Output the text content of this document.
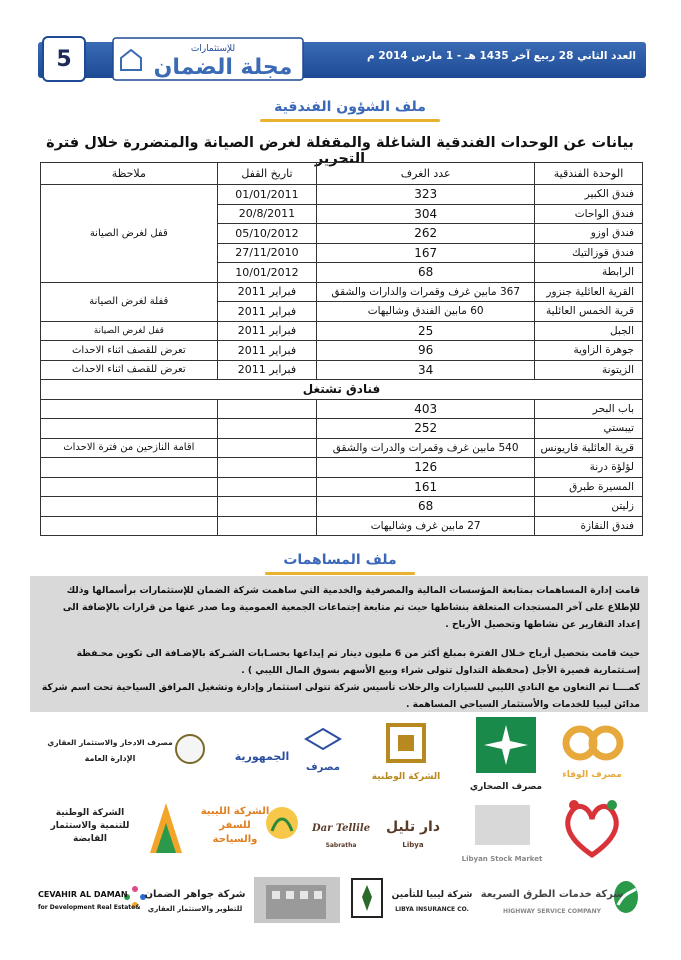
5	للإستثمارات
مجلة الضمان	العدد الثاني 28 ربيع آخر 1435 هـ - 1 مارس 2014 م
ملف الشؤون الفندقية
بيانات عن الوحدات الفندقية الشاغلة والمقفلة لغرض الصيانة والمتضررة خلال فترة التحرير
الوحدة الفندقية	عدد الغرف	تاريخ القفل	ملاحظة
فندق الكبير	323	01/01/2011	قفل لغرض الصيانة
فندق الواحات	304	20/8/2011	
فندق اوزو	262	05/10/2012	
فندق قوزالتيك	167	27/11/2010	
الرابطة	68	10/01/2012	
القرية العائلية جنزور	367 مابين غرف وقمرات والدارات والشقق	فبراير 2011	قفلة لغرض الصيانة
قرية الخمس العائلية	60 مابين الفندق وشاليهات	فبراير 2011	
الجبل	25	فبراير 2011	قفل لغرض الصيانة
جوهرة الزاوية	96	فبراير 2011	تعرض للقصف اثناء الاحداث
الزيتونة	34	فبراير 2011	تعرض للقصف اثناء الاحداث
فنادق تشتغل			
باب البحر	403		
تيبستي	252		
قرية العائلية قاريونس	540 مابين غرف وقمرات والدرات والشقق		اقامة النازحين من فترة الاحداث
لؤلؤة درنة	126		
المسيرة طبرق	161		
زليتن	68		
فندق النقازة	27 مابين غرف وشاليهات		
ملف المساهمات

قامت إدارة المساهمات بمتابعة المؤسسات المالية والمصرفية والخدمية التي ساهمت شركة الضمان للإستثمارات برأسمالها وذلك للإطلاع على آخر المستجدات المتعلقة بنشاطها حيث تم متابعة إجتماعات الجمعية العمومية وما صدر عنها من قرارات بالإضافة الى إعداد التقارير عن نشاطها وتحصيل الأرباح .

حيث قامت بتحصيل أرباح خـلال الفترة بمبلغ أكثر من 6 مليون دينار تم إيداعها بحسـابات الشـركة بالإضـافة الى تكوين محـفظة إسـتثمارية قصيرة الأجل (محفظة التداول تتولى شراء وبيع الأسهم بسوق المال الليبي ) .

كمــــا تم التعاون مع النادي الليبي للسيارات والرحلات تأسيس شركة تتولى استثمار وإدارة وتشغيل المرافق السياحية تحت اسم شركة مدائن ليبيا للخدمات والأستثمار السياحي المساهمة .

مصرف الوفاء
مصرف الصحاري
الشركة الوطنية
مصرف
الجمهورية
مصرف الادخار والاستثمار العقاري
الإدارة العامة
Libyan Stock Market
دار تليل
Libya
Dar Tellile
Sabratha
الشركة الليبية للسفر والسياحة
الشركة الوطنية للتنمية والاستثمار القابضة
شركة خدمات الطرق السريعة
HIGHWAY SERVICE COMPANY
شركة ليبيا للتأمين
LIBYA INSURANCE CO.
شركة جواهر الضمان
للتطوير والاستثمار العقاري
CEVAHIR AL DAMAN
for Development Real Estate&
